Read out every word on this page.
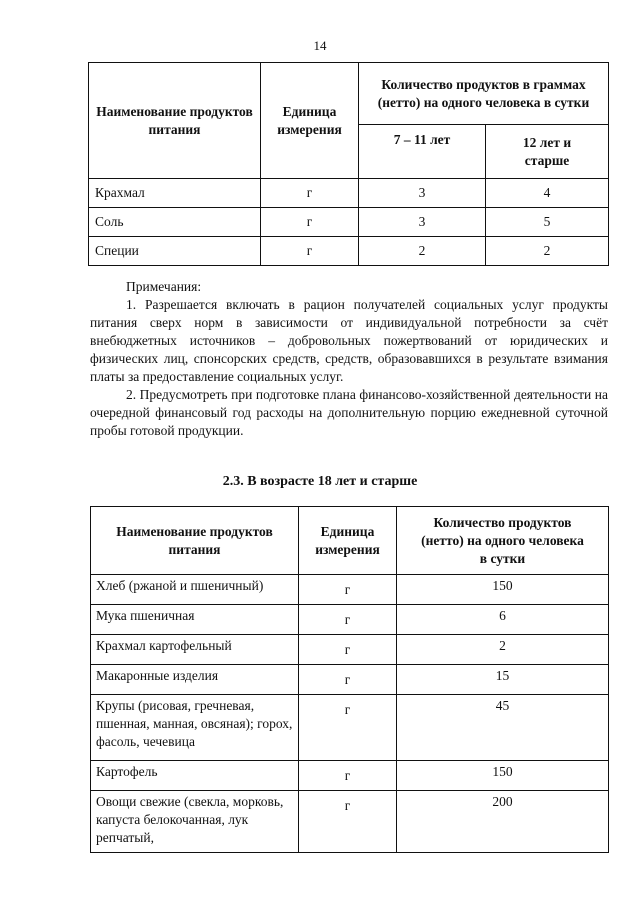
14
Наименование продуктов питания	Единица измерения	Количество продуктов в граммах (нетто) на одного человека в сутки	
		7 – 11 лет	12 лет и старше
Крахмал	г	3	4
Соль	г	3	5
Специи	г	2	2

Примечания:

1. Разрешается включать в рацион получателей социальных услуг продукты питания сверх норм в зависимости от индивидуальной потребности за счёт внебюджетных источников – добровольных пожертвований от юридических и физических лиц, спонсорских средств, средств, образовавшихся в результате взимания платы за предоставление социальных услуг.

2. Предусмотреть при подготовке плана финансово-хозяйственной деятельности на очередной финансовый год расходы на дополнительную порцию ежедневной суточной пробы готовой продукции.

2.3. В возрасте 18 лет и старше
Наименование продуктов питания	Единица измерения	Количество продуктов (нетто) на одного человека в сутки
Хлеб (ржаной и пшеничный)	г	150
Мука пшеничная	г	6
Крахмал картофельный	г	2
Макаронные изделия	г	15
Крупы (рисовая, гречневая, пшенная, манная, овсяная); горох, фасоль, чечевица	г	45
Картофель	г	150
Овощи свежие (свекла, морковь, капуста белокочанная, лук репчатый,	г	200
